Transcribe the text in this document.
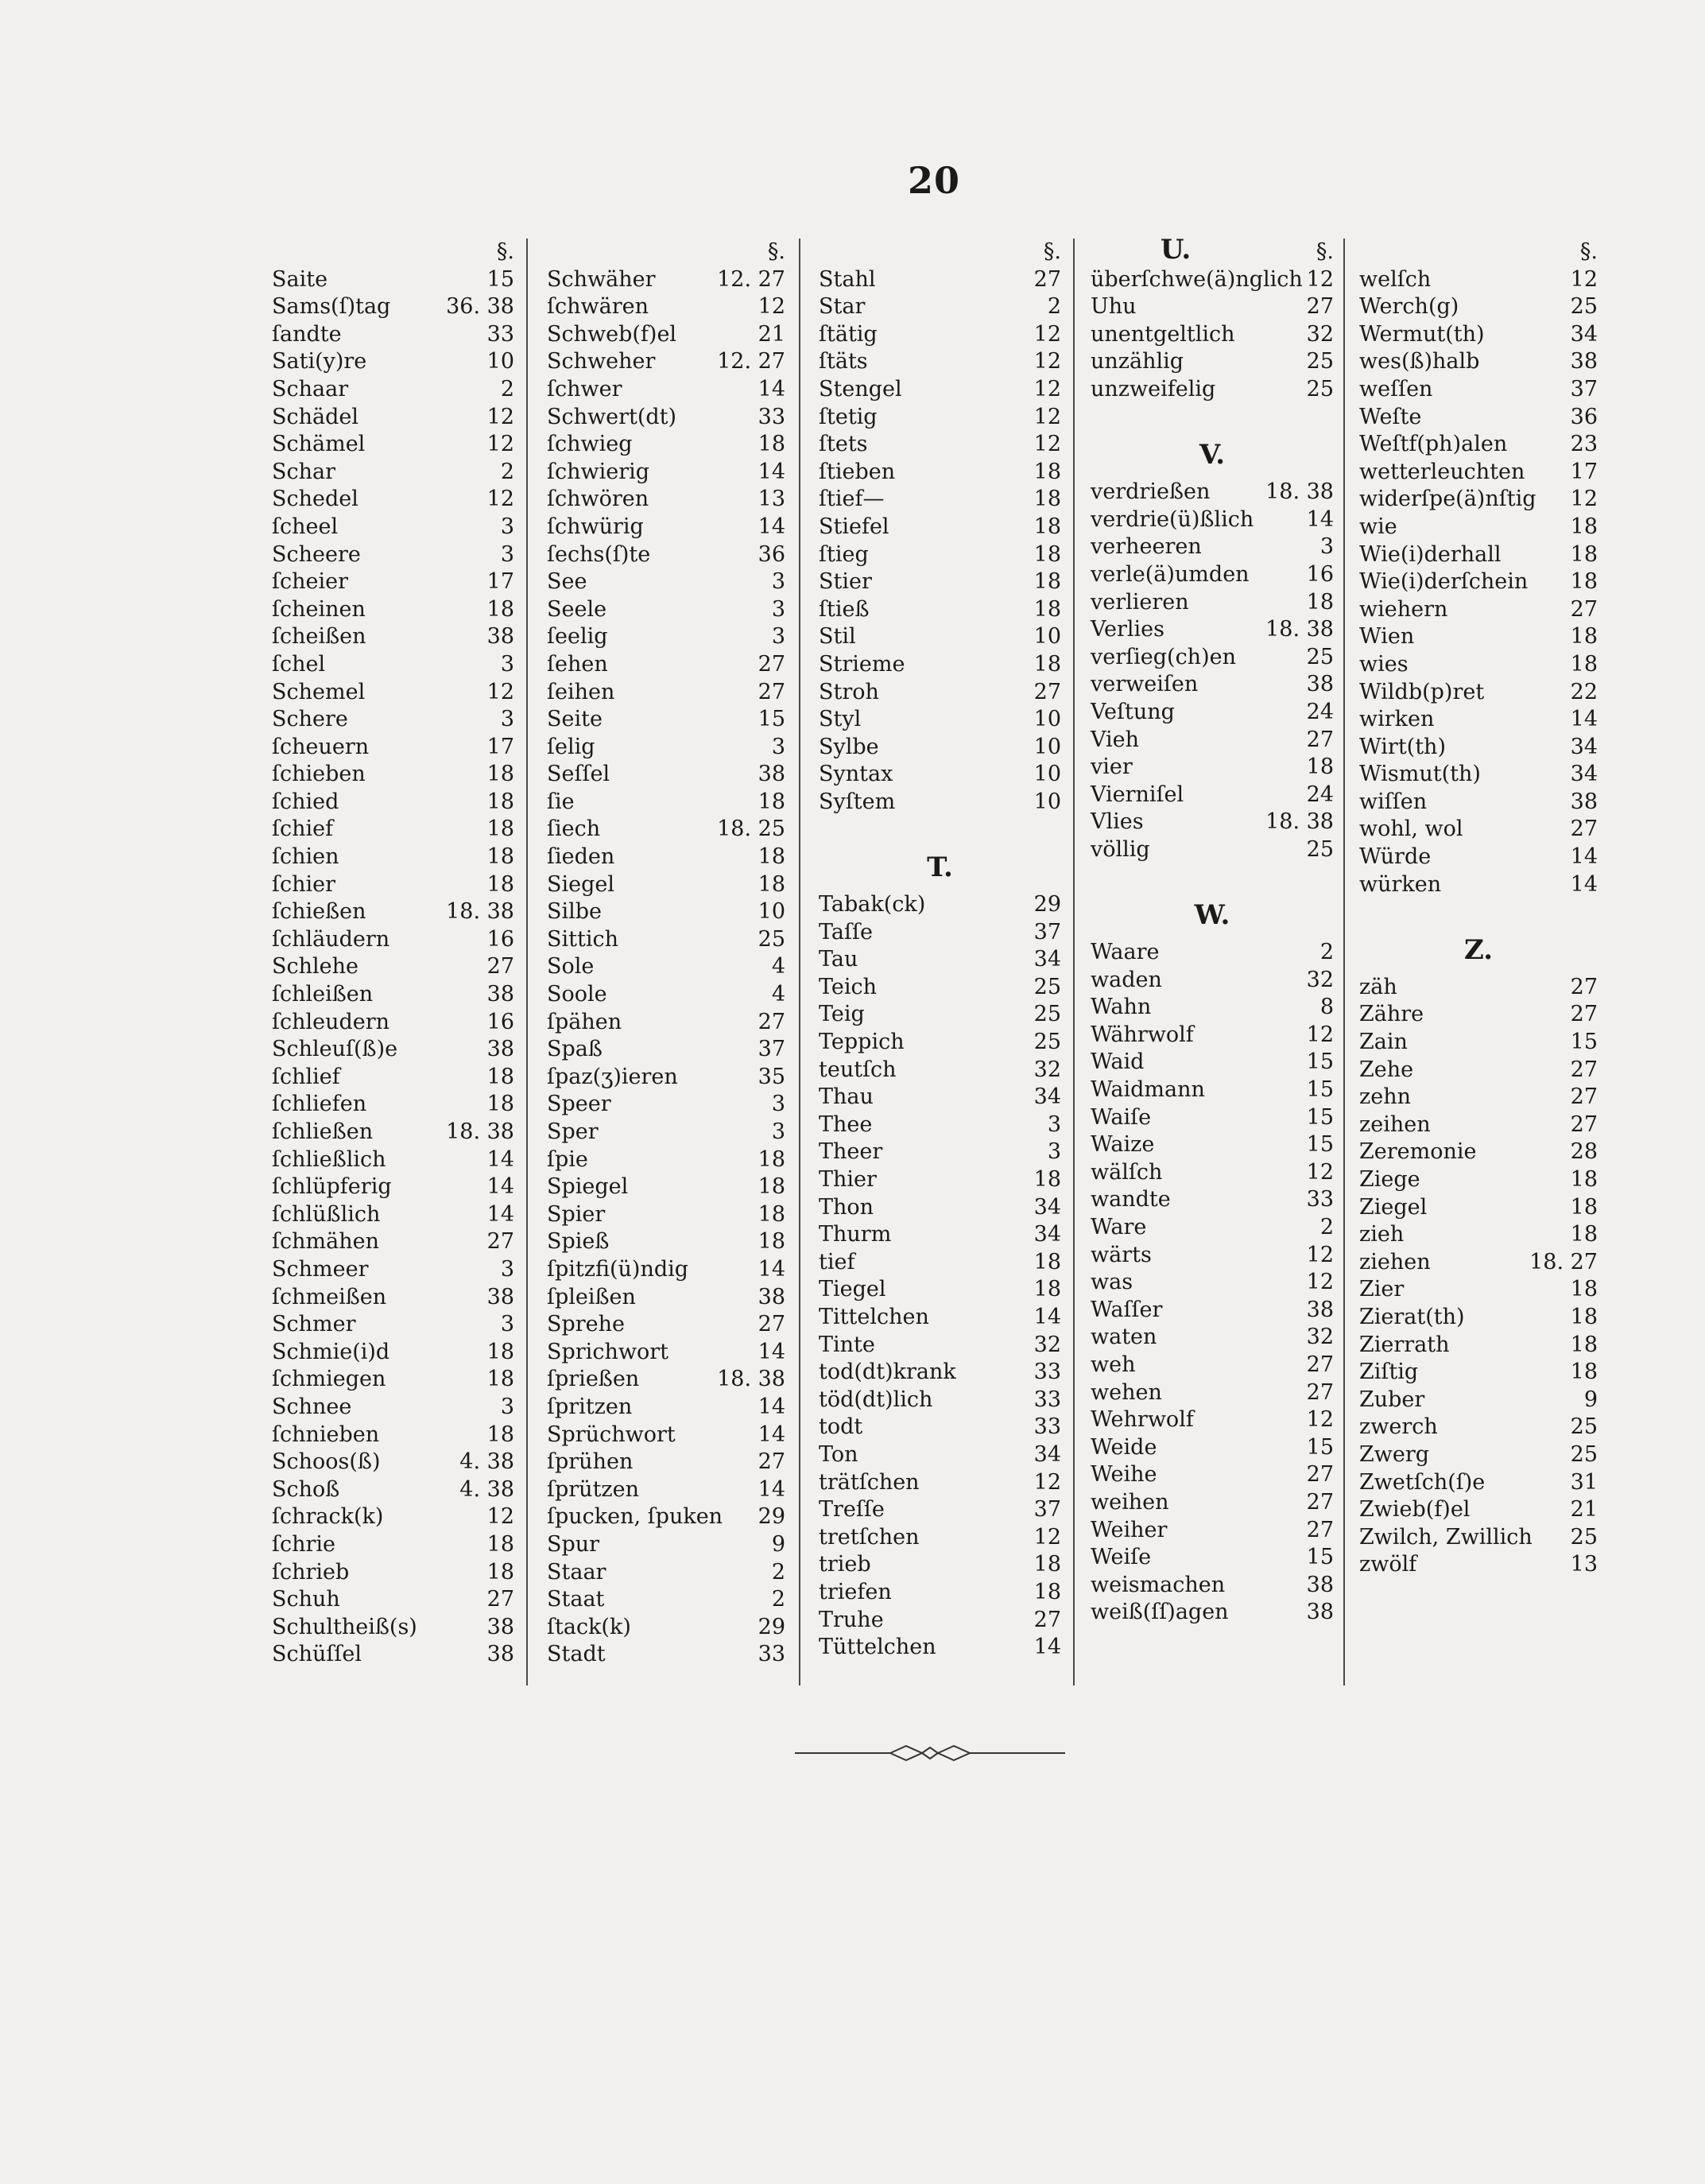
20
§.
Saite	15
Sams(ſ)tag	36. 38
ſandte	33
Sati(y)re	10
Schaar	2
Schädel	12
Schämel	12
Schar	2
Schedel	12
ſcheel	3
Scheere	3
ſcheier	17
ſcheinen	18
ſcheißen	38
ſchel	3
Schemel	12
Schere	3
ſcheuern	17
ſchieben	18
ſchied	18
ſchief	18
ſchien	18
ſchier	18
ſchießen	18. 38
ſchläudern	16
Schlehe	27
ſchleißen	38
ſchleudern	16
Schleuſ(ß)e	38
ſchlief	18
ſchliefen	18
ſchließen	18. 38
ſchließlich	14
ſchlüpferig	14
ſchlüßlich	14
ſchmähen	27
Schmeer	3
ſchmeißen	38
Schmer	3
Schmie(i)d	18
ſchmiegen	18
Schnee	3
ſchnieben	18
Schoos(ß)	4. 38
Schoß	4. 38
ſchrack(k)	12
ſchrie	18
ſchrieb	18
Schuh	27
Schultheiß(s)	38
Schüſſel	38
§.
Schwäher	12. 27
ſchwären	12
Schweb(f)el	21
Schweher	12. 27
ſchwer	14
Schwert(dt)	33
ſchwieg	18
ſchwierig	14
ſchwören	13
ſchwürig	14
ſechs(ſ)te	36
See	3
Seele	3
ſeelig	3
ſehen	27
ſeihen	27
Seite	15
ſelig	3
Seſſel	38
ſie	18
ſiech	18. 25
ſieden	18
Siegel	18
Silbe	10
Sittich	25
Sole	4
Soole	4
ſpähen	27
Spaß	37
ſpaz(ʒ)ieren	35
Speer	3
Sper	3
ſpie	18
Spiegel	18
Spier	18
Spieß	18
ſpitzfi(ü)ndig	14
ſpleißen	38
Sprehe	27
Sprichwort	14
ſprießen	18. 38
ſpritzen	14
Sprüchwort	14
ſprühen	27
ſprützen	14
ſpucken, ſpuken 29
Spur	9
Staar	2
Staat	2
ſtack(k)	29
Stadt	33
§.
Stahl	27
Star	2
ſtätig	12
ſtäts	12
Stengel	12
ſtetig	12
ſtets	12
ſtieben	18
ſtief—	18
Stiefel	18
ſtieg	18
Stier	18
ſtieß	18
Stil	10
Strieme	18
Stroh	27
Styl	10
Sylbe	10
Syntax	10
Syſtem	10
T.
Tabak(ck)	29
Taſſe	37
Tau	34
Teich	25
Teig	25
Teppich	25
teutſch	32
Thau	34
Thee	3
Theer	3
Thier	18
Thon	34
Thurm	34
tief	18
Tiegel	18
Tittelchen	14
Tinte	32
tod(dt)krank	33
töd(dt)lich	33
todt	33
Ton	34
trätſchen	12
Treſſe	37
tretſchen	12
trieb	18
triefen	18
Truhe	27
Tüttelchen	14
§.
U.
überſchwe(ä)nglich 12
Uhu	27
unentgeltlich	32
unzählig	25
unzweifelig	25
V.
verdrießen	18. 38
verdrie(ü)ßlich 14
verheeren	3
verle(ä)umden	16
verlieren	18
Verlies	18. 38
verſieg(ch)en	25
verweiſen	38
Veſtung	24
Vieh	27
vier	18
Vierniſel	24
Vlies	18. 38
völlig	25
W.
Waare	2
waden	32
Wahn	8
Währwolf	12
Waid	15
Waidmann	15
Waiſe	15
Waize	15
wälſch	12
wandte	33
Ware	2
wärts	12
was	12
Waſſer	38
waten	32
weh	27
wehen	27
Wehrwolf	12
Weide	15
Weihe	27
weihen	27
Weiher	27
Weiſe	15
weismachen	38
weiß(ſſ)agen	38
§.
welſch	12
Werch(g)	25
Wermut(th)	34
wes(ß)halb	38
weſſen	37
Weſte	36
Weſtf(ph)alen	23
wetterleuchten 17
widerſpe(ä)nſtig 12
wie	18
Wie(i)derhall	18
Wie(i)derſchein 18
wiehern	27
Wien	18
wies	18
Wildb(p)ret	22
wirken	14
Wirt(th)	34
Wismut(th)	34
wiſſen	38
wohl, wol	27
Würde	14
würken	14
Z.
zäh	27
Zähre	27
Zain	15
Zehe	27
zehn	27
zeihen	27
Zeremonie	28
Ziege	18
Ziegel	18
zieh	18
ziehen	18. 27
Zier	18
Zierat(th)	18
Zierrath	18
Ziſtig	18
Zuber	9
zwerch	25
Zwerg	25
Zwetſch(ſ)e	31
Zwieb(f)el	21
Zwilch, Zwillich 25
zwölf	13
